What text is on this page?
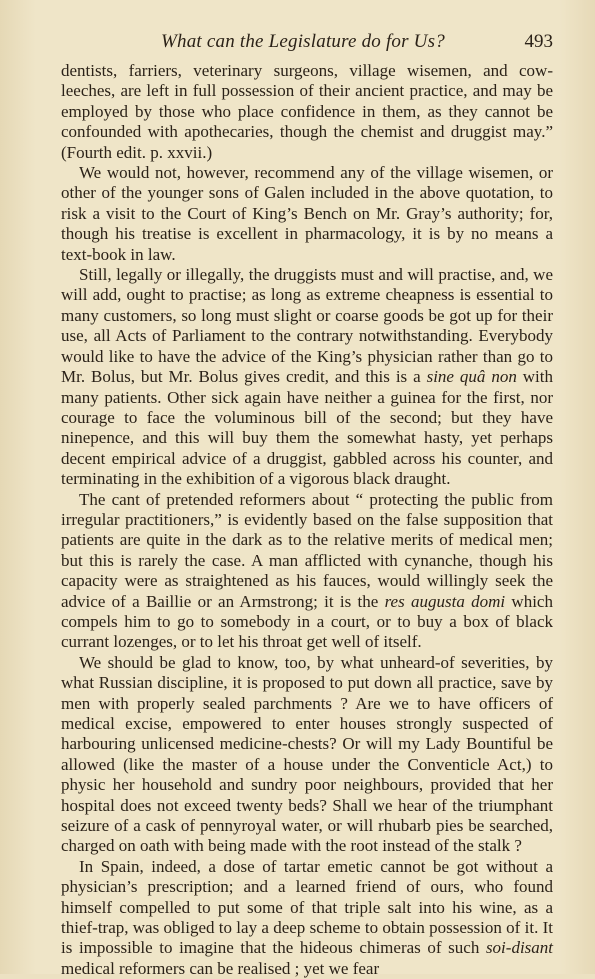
What can the Legislature do for Us?	493

dentists, farriers, veterinary surgeons, village wisemen, and cow-leeches, are left in full possession of their ancient practice, and may be employed by those who place confidence in them, as they cannot be confounded with apothecaries, though the chemist and druggist may.” (Fourth edit. p. xxvii.)

We would not, however, recommend any of the village wisemen, or other of the younger sons of Galen included in the above quotation, to risk a visit to the Court of King’s Bench on Mr. Gray’s authority; for, though his treatise is excellent in pharmacology, it is by no means a text-book in law.

Still, legally or illegally, the druggists must and will practise, and, we will add, ought to practise; as long as extreme cheapness is essential to many customers, so long must slight or coarse goods be got up for their use, all Acts of Parliament to the contrary notwithstanding. Everybody would like to have the advice of the King’s physician rather than go to Mr. Bolus, but Mr. Bolus gives credit, and this is a sine quâ non with many patients. Other sick again have neither a guinea for the first, nor courage to face the voluminous bill of the second; but they have ninepence, and this will buy them the somewhat hasty, yet perhaps decent empirical advice of a druggist, gabbled across his counter, and terminating in the exhibition of a vigorous black draught.

The cant of pretended reformers about “ protecting the public from irregular practitioners,” is evidently based on the false supposition that patients are quite in the dark as to the relative merits of medical men; but this is rarely the case. A man afflicted with cynanche, though his capacity were as straightened as his fauces, would willingly seek the advice of a Baillie or an Armstrong; it is the res augusta domi which compels him to go to somebody in a court, or to buy a box of black currant lozenges, or to let his throat get well of itself.

We should be glad to know, too, by what unheard-of severities, by what Russian discipline, it is proposed to put down all practice, save by men with properly sealed parchments ? Are we to have officers of medical excise, empowered to enter houses strongly suspected of harbouring unlicensed medicine-chests? Or will my Lady Bountiful be allowed (like the master of a house under the Conventicle Act,) to physic her household and sundry poor neighbours, provided that her hospital does not exceed twenty beds? Shall we hear of the triumphant seizure of a cask of pennyroyal water, or will rhubarb pies be searched, charged on oath with being made with the root instead of the stalk ?

In Spain, indeed, a dose of tartar emetic cannot be got without a physician’s prescription; and a learned friend of ours, who found himself compelled to put some of that triple salt into his wine, as a thief-trap, was obliged to lay a deep scheme to obtain possession of it. It is impossible to imagine that the hideous chimeras of such soi-disant medical reformers can be realised ; yet we fear
